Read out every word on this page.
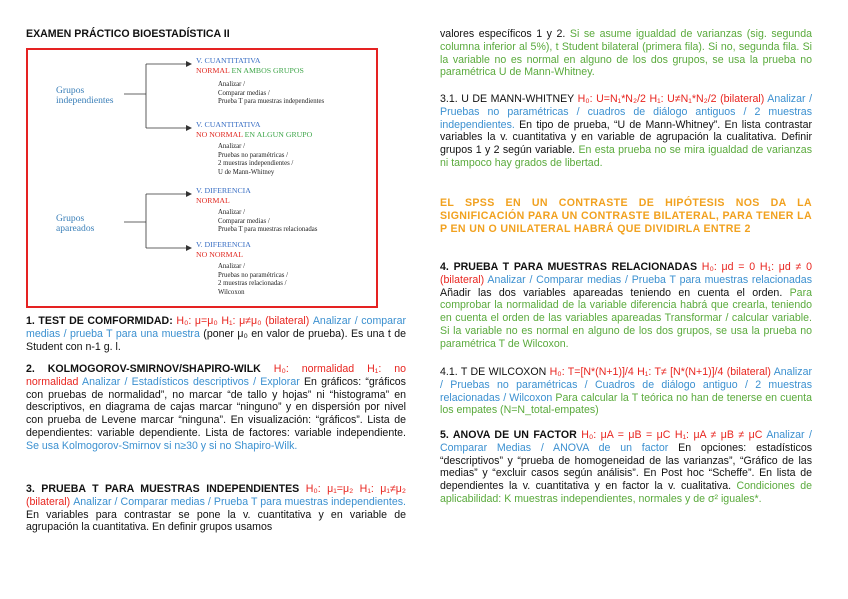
EXAMEN PRÁCTICO BIOESTADÍSTICA II
Grupos
independientes
Grupos
apareados
V. CUANTITATIVA
NORMAL EN AMBOS GRUPOS
Analizar /
Comparar medias /
Prueba T para muestras independientes
V. CUANTITATIVA
NO NORMAL EN ALGUN GRUPO
Analizar /
Pruebas no paramétricas /
2 muestras independientes /
U de Mann-Whitney
V. DIFERENCIA
NORMAL
Analizar /
Comparar medias /
Prueba T para muestras relacionadas
V. DIFERENCIA
NO NORMAL
Analizar /
Pruebas no paramétricas /
2 muestras relacionadas /
Wilcoxon

1. TEST DE COMFORMIDAD: H₀: μ=μ₀ H₁: μ≠μ₀ (bilateral) Analizar / comparar medias / prueba T para una muestra (poner μ₀ en valor de prueba). Es una t de Student con n-1 g. l.

2. KOLMOGOROV-SMIRNOV/SHAPIRO-WILK H₀: normalidad H₁: no normalidad Analizar / Estadísticos descriptivos / Explorar En gráficos: “gráficos con pruebas de normalidad”, no marcar “de tallo y hojas” ni “histograma” en descriptivos, en diagrama de cajas marcar “ninguno” y en dispersión por nivel con prueba de Levene marcar “ninguna”. En visualización: “gráficos”. Lista de dependientes: variable dependiente. Lista de factores: variable independiente. Se usa Kolmogorov-Smirnov si n≥30 y si no Shapiro-Wilk.

3. PRUEBA T PARA MUESTRAS INDEPENDIENTES H₀: μ₁=μ₂ H₁: μ₁≠μ₂ (bilateral) Analizar / Comparar medias / Prueba T para muestras independientes. En variables para contrastar se pone la v. cuantitativa y en variable de agrupación la cuantitativa. En definir grupos usamos

valores específicos 1 y 2. Si se asume igualdad de varianzas (sig. segunda columna inferior al 5%), t Student bilateral (primera fila). Si no, segunda fila. Si la variable no es normal en alguno de los dos grupos, se usa la prueba no paramétrica U de Mann-Whitney.

3.1. U DE MANN-WHITNEY H₀: U=N₁*N₂/2 H₁: U≠N₁*N₂/2 (bilateral) Analizar / Pruebas no paramétricas / cuadros de diálogo antiguos / 2 muestras independientes. En tipo de prueba, “U de Mann-Whitney”. En lista contrastar variables la v. cuantitativa y en variable de agrupación la cualitativa. Definir grupos 1 y 2 según variable. En esta prueba no se mira igualdad de varianzas ni tampoco hay grados de libertad.

EL SPSS EN UN CONTRASTE DE HIPÓTESIS NOS DA LA SIGNIFICACIÓN PARA UN CONTRASTE BILATERAL, PARA TENER LA P EN UN O UNILATERAL HABRÁ QUE DIVIDIRLA ENTRE 2

4. PRUEBA T PARA MUESTRAS RELACIONADAS H₀: μd = 0 H₁: μd ≠ 0 (bilateral) Analizar / Comparar medias / Prueba T para muestras relacionadas Añadir las dos variables apareadas teniendo en cuenta el orden. Para comprobar la normalidad de la variable diferencia habrá que crearla, teniendo en cuenta el orden de las variables apareadas Transformar / calcular variable. Si la variable no es normal en alguno de los dos grupos, se usa la prueba no paramétrica T de Wilcoxon.

4.1. T DE WILCOXON H₀: T=[N*(N+1)]/4 H₁: T≠ [N*(N+1)]/4 (bilateral) Analizar / Pruebas no paramétricas / Cuadros de diálogo antiguo / 2 muestras relacionadas / Wilcoxon Para calcular la T teórica no han de tenerse en cuenta los empates (N=N_total-empates)

5. ANOVA DE UN FACTOR H₀: μA = μB = μC H₁: μA ≠ μB ≠ μC Analizar / Comparar Medias / ANOVA de un factor En opciones: estadísticos “descriptivos” y “prueba de homogeneidad de las varianzas”, “Gráfico de las medias” y “excluir casos según análisis”. En Post hoc “Scheffe”. En lista de dependientes la v. cuantitativa y en factor la v. cualitativa. Condiciones de aplicabilidad: K muestras independientes, normales y de σ² iguales*.
